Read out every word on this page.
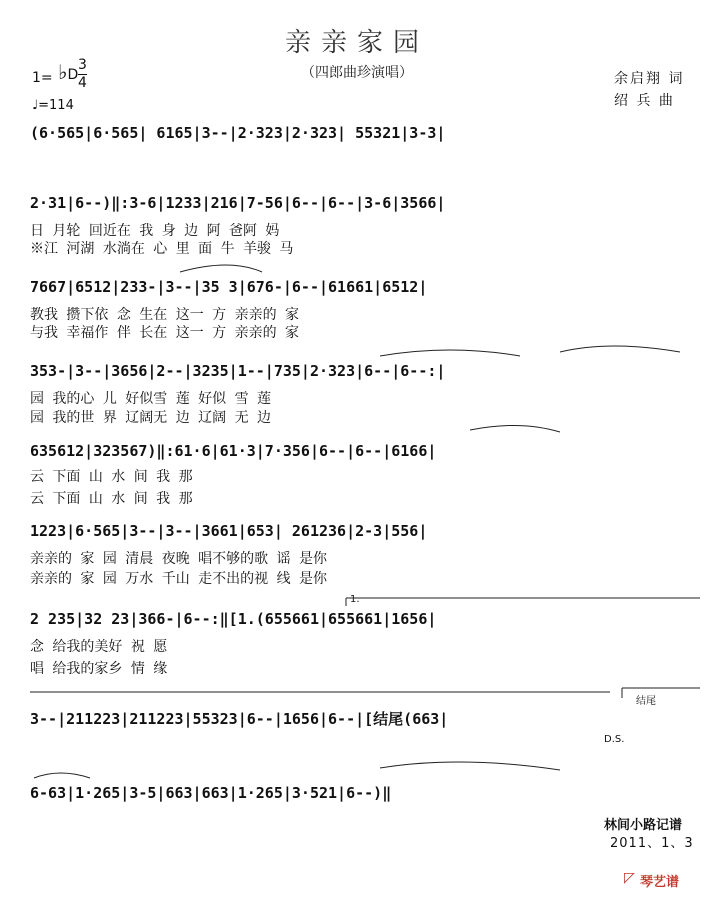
亲亲家园
（四郎曲珍演唱）
1= ♭D $\frac{3}{4}$
♩=114
余启翔 词
绍 兵 曲
(6·565|6·565| 6165|3--|2·323|2·323| 55321|3-3|
2·31|6--)‖:3-6|1233|216|7-56|6--|6--|3-6|3566|
日 月轮 回近在 我 身 边 阿 爸阿 妈
※江 河湖 水淌在 心 里 面 牛 羊骏 马
7667|6512|233-|3--|35 3|676-|6--|61661|6512|
教我 攒下依 念 生在 这一 方 亲亲的 家
与我 幸福作 伴 长在 这一 方 亲亲的 家
353-|3--|3656|2--|3235|1--|735|2·323|6--|6--:|
园 我的心 儿 好似雪 莲 好似 雪 莲
园 我的世 界 辽阔无 边 辽阔 无 边
635612|323567)‖:61·6|61·3|7·356|6--|6--|6166|
云 下面 山 水 间 我 那
云 下面 山 水 间 我 那
1223|6·565|3--|3--|3661|653| 261236|2-3|556|
亲亲的 家 园 清晨 夜晚 唱不够的歌 谣 是你
亲亲的 家 园 万水 千山 走不出的视 线 是你
2 235|32 23|366-|6--:‖[1.(655661|655661|1656|
念 给我的美好 祝 愿
唱 给我的家乡 情 缘
1.
3--|211223|211223|55323|6--|1656|6--|[结尾(663|
结尾
D.S.
6-63|1·265|3-5|663|663|1·265|3·521|6--)‖
林间小路记谱
2011、1、3
◸ 琴艺谱
